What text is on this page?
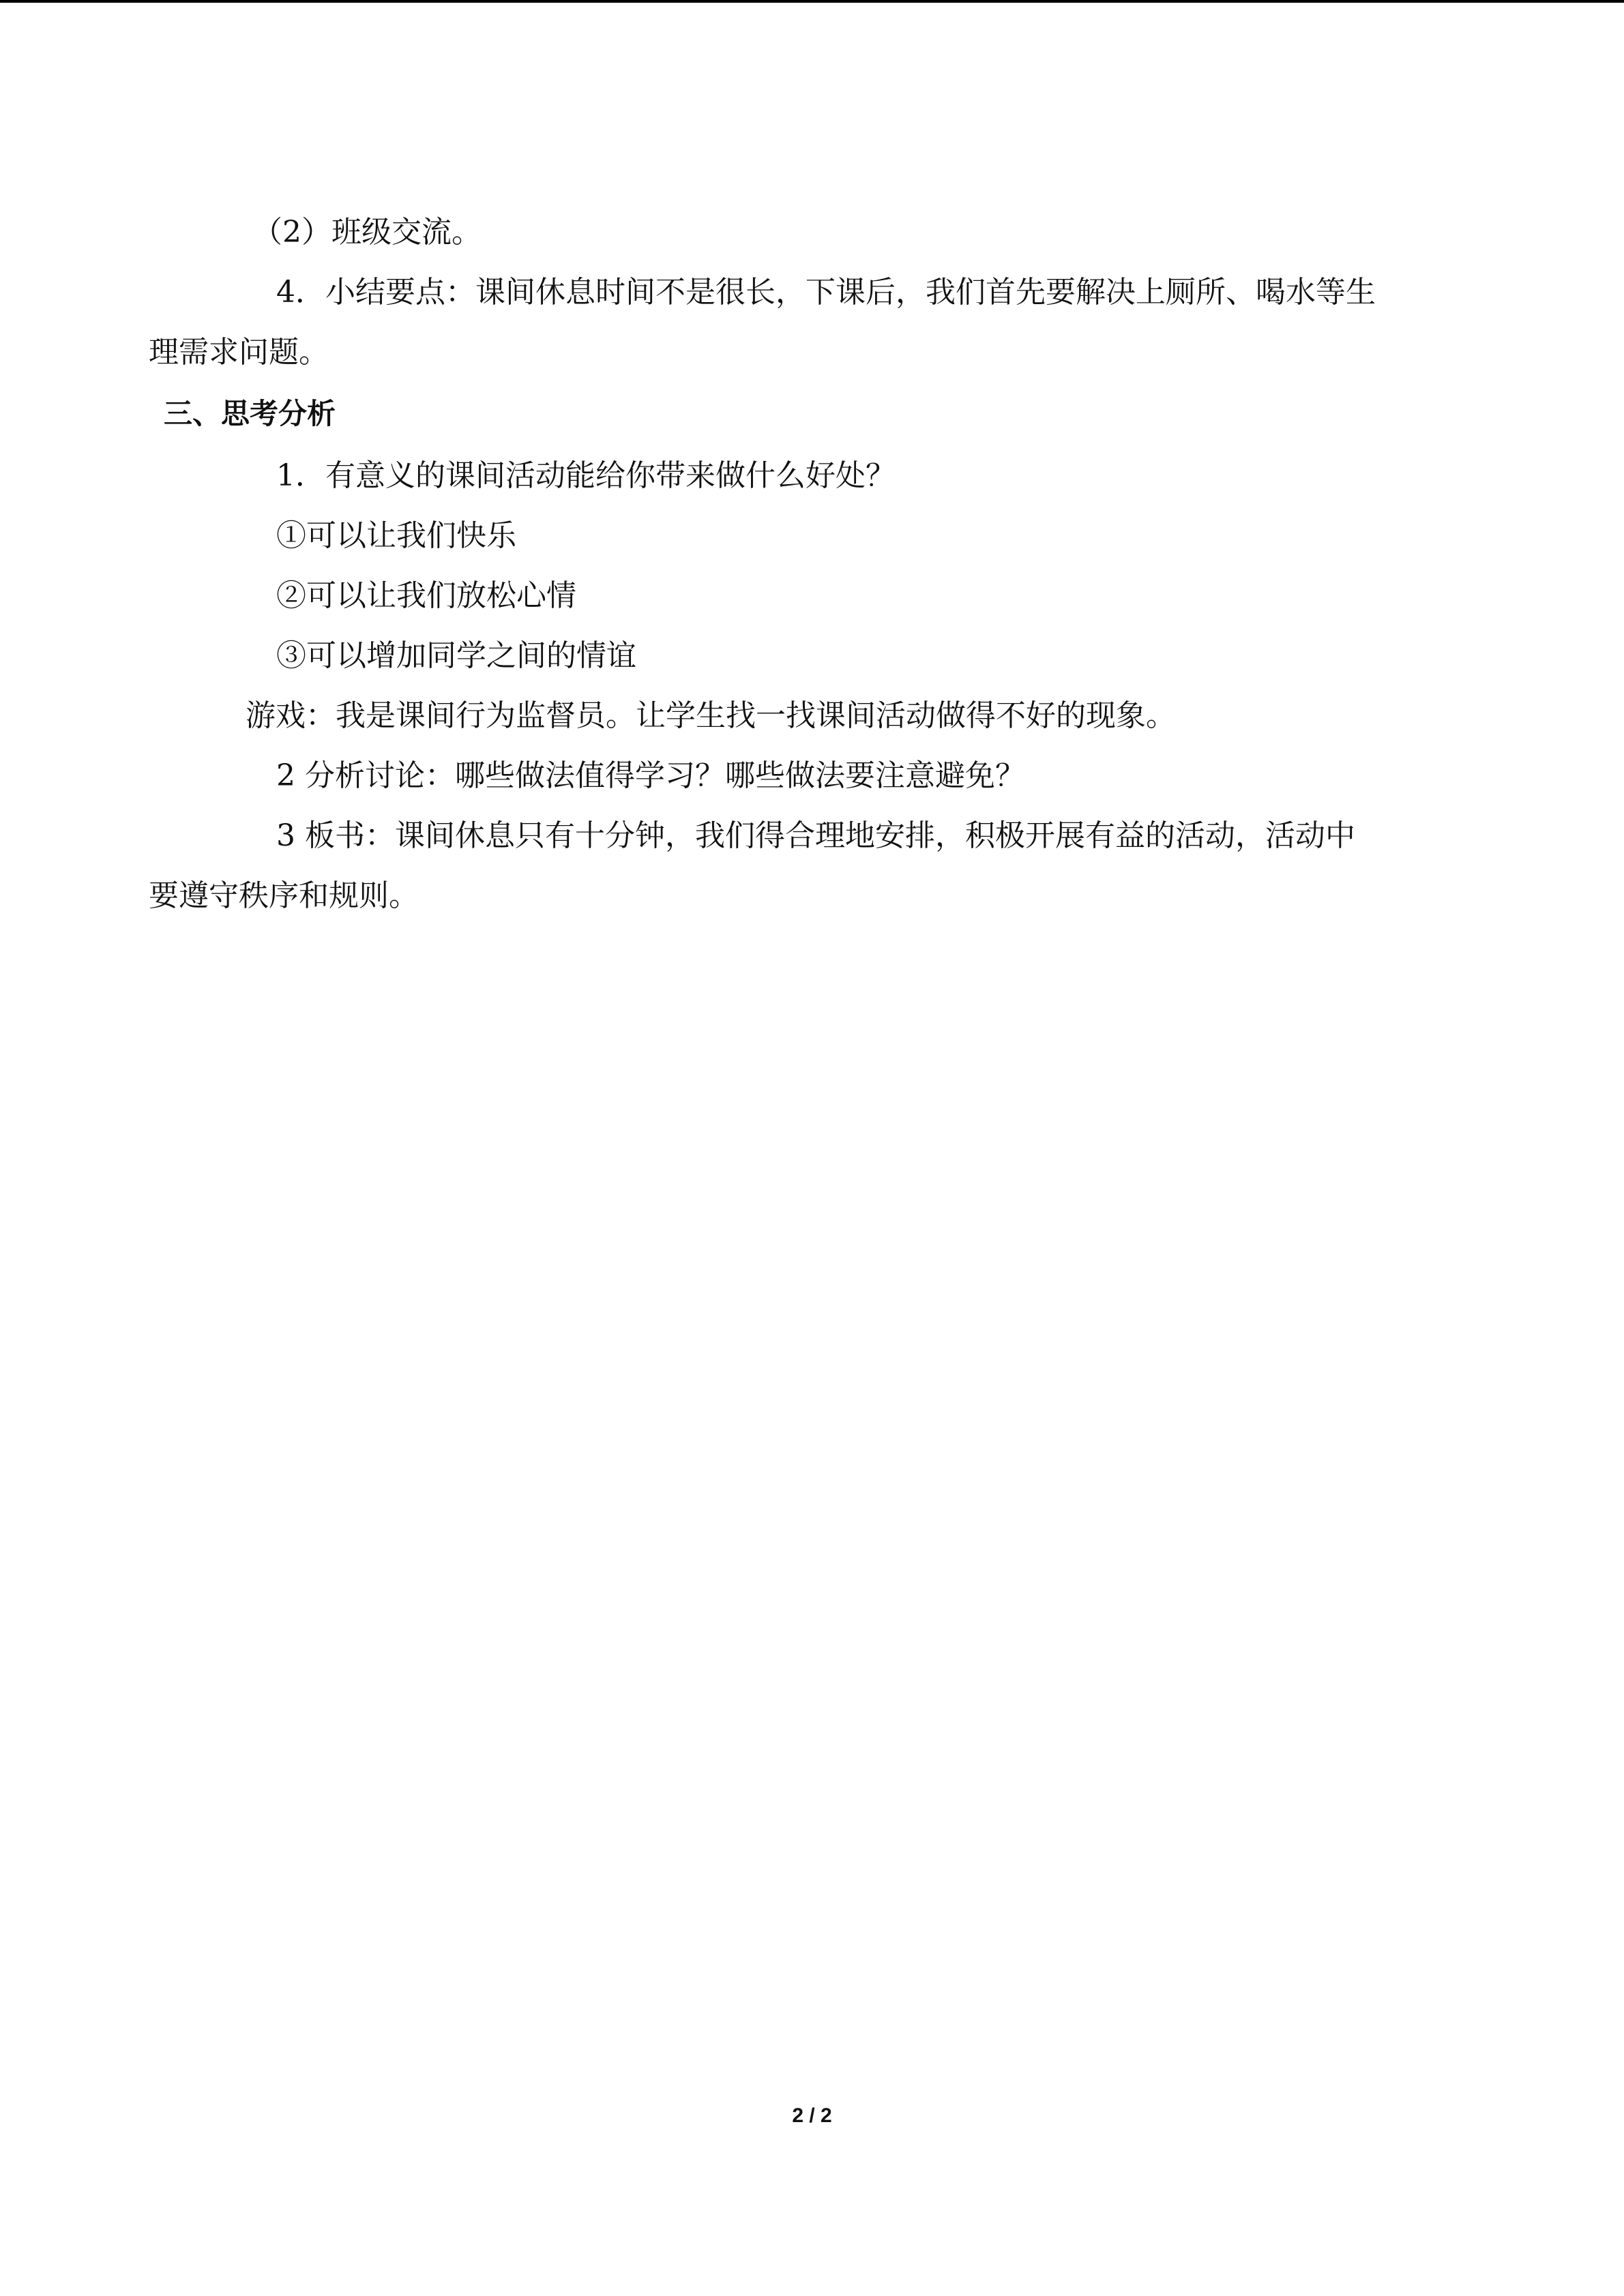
（2）班级交流。
4．小结要点：课间休息时间不是很长，下课后，我们首先要解决上厕所、喝水等生
理需求问题。
三、思考分析
1．有意义的课间活动能给你带来做什么好处？
①可以让我们快乐
②可以让我们放松心情
③可以增加同学之间的情谊
游戏：我是课间行为监督员。让学生找一找课间活动做得不好的现象。
2 分析讨论：哪些做法值得学习？哪些做法要注意避免？
3 板书：课间休息只有十分钟，我们得合理地安排，积极开展有益的活动，活动中
要遵守秩序和规则。
2 / 2
